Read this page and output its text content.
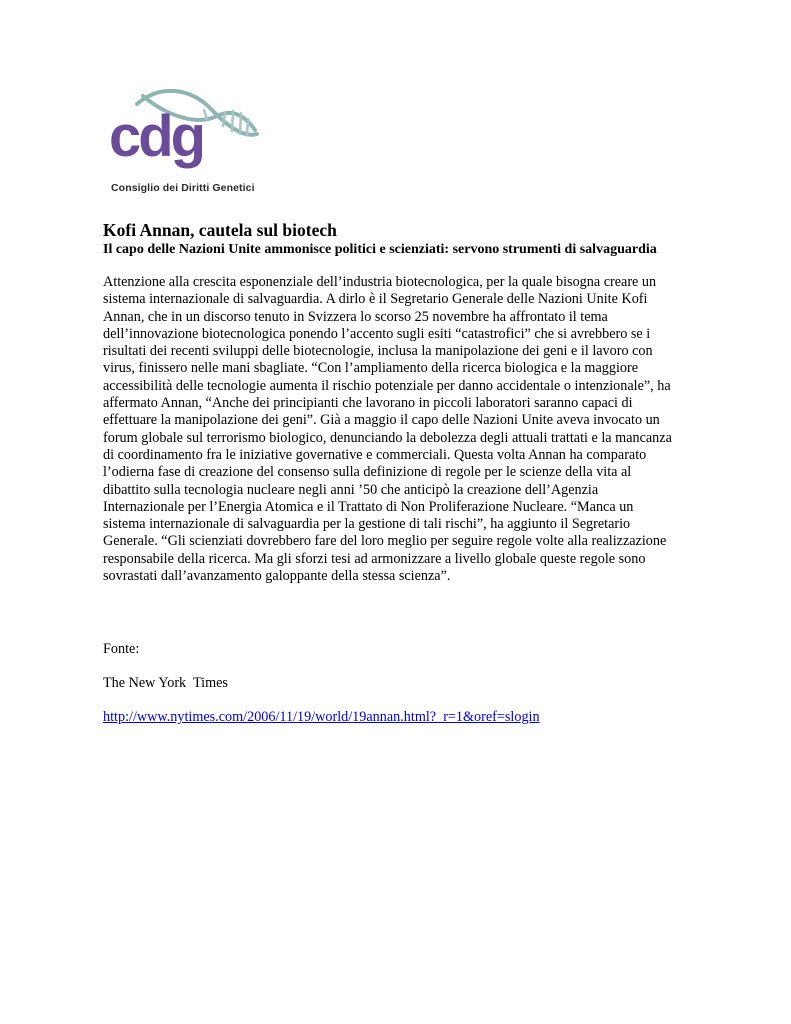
cdg
Consiglio dei Diritti Genetici
Kofi Annan, cautela sul biotech
Il capo delle Nazioni Unite ammonisce politici e scienziati: servono strumenti di salvaguardia

Attenzione alla crescita esponenziale dell’industria biotecnologica, per la quale bisogna creare un
sistema internazionale di salvaguardia. A dirlo è il Segretario Generale delle Nazioni Unite Kofi
Annan, che in un discorso tenuto in Svizzera lo scorso 25 novembre ha affrontato il tema
dell’innovazione biotecnologica ponendo l’accento sugli esiti “catastrofici” che si avrebbero se i
risultati dei recenti sviluppi delle biotecnologie, inclusa la manipolazione dei geni e il lavoro con
virus, finissero nelle mani sbagliate. “Con l’ampliamento della ricerca biologica e la maggiore
accessibilità delle tecnologie aumenta il rischio potenziale per danno accidentale o intenzionale”, ha
affermato Annan, “Anche dei principianti che lavorano in piccoli laboratori saranno capaci di
effettuare la manipolazione dei geni”. Già a maggio il capo delle Nazioni Unite aveva invocato un
forum globale sul terrorismo biologico, denunciando la debolezza degli attuali trattati e la mancanza
di coordinamento fra le iniziative governative e commerciali. Questa volta Annan ha comparato
l’odierna fase di creazione del consenso sulla definizione di regole per le scienze della vita al
dibattito sulla tecnologia nucleare negli anni ’50 che anticipò la creazione dell’Agenzia
Internazionale per l’Energia Atomica e il Trattato di Non Proliferazione Nucleare. “Manca un
sistema internazionale di salvaguardia per la gestione di tali rischi”, ha aggiunto il Segretario
Generale. “Gli scienziati dovrebbero fare del loro meglio per seguire regole volte alla realizzazione
responsabile della ricerca. Ma gli sforzi tesi ad armonizzare a livello globale queste regole sono
sovrastati dall’avanzamento galoppante della stessa scienza”.

Fonte:

The New York  Times

http://www.nytimes.com/2006/11/19/world/19annan.html?_r=1&oref=slogin
